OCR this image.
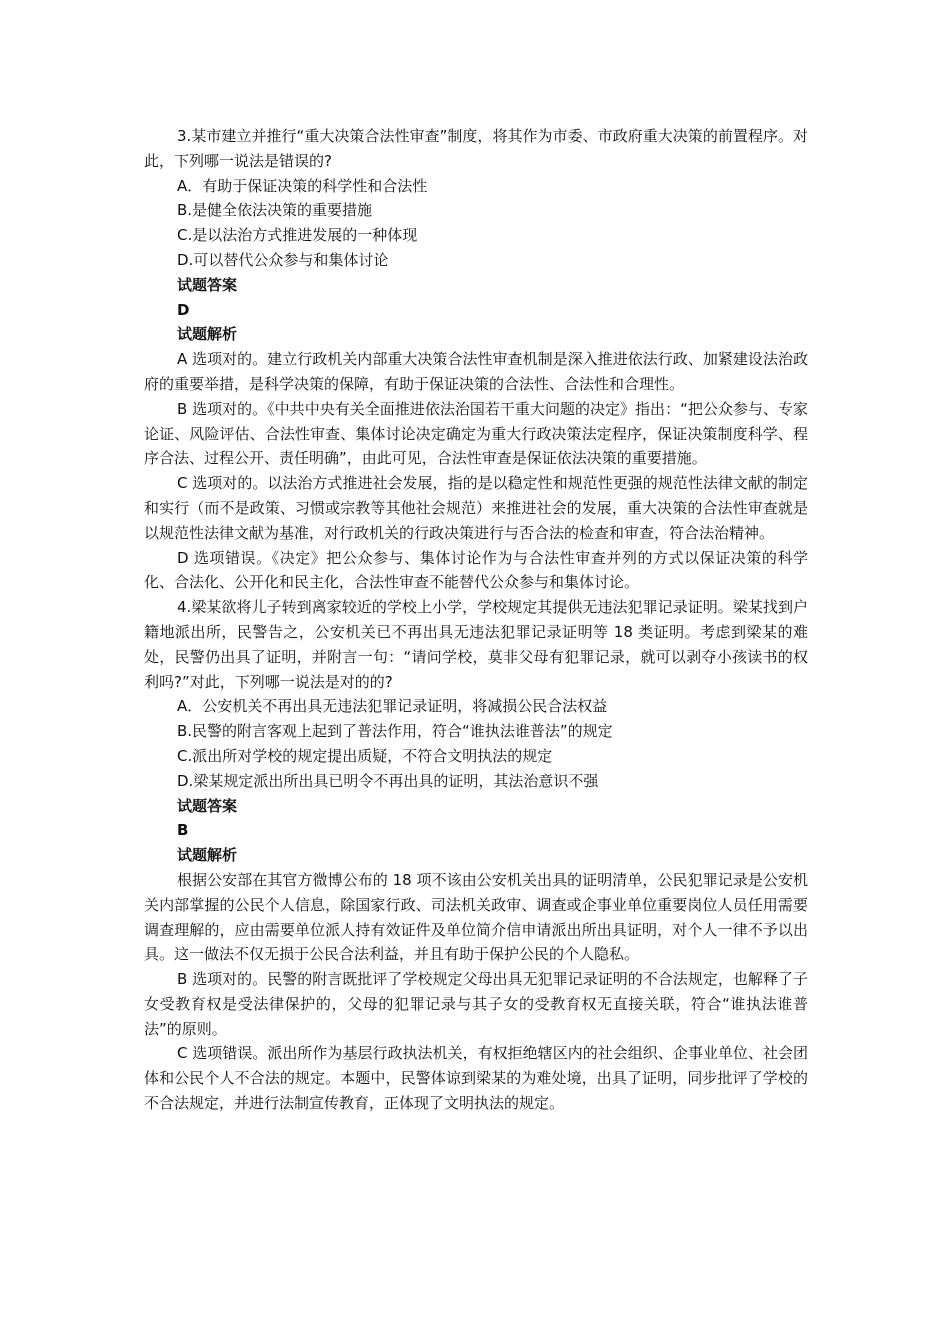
3.某市建立并推行“重大决策合法性审查”制度，将其作为市委、市政府重大决策的前置程序。对此，下列哪一说法是错误的?

A．有助于保证决策的科学性和合法性

B.是健全依法决策的重要措施

C.是以法治方式推进发展的一种体现

D.可以替代公众参与和集体讨论

试题答案

D

试题解析

A 选项对的。建立行政机关内部重大决策合法性审查机制是深入推进依法行政、加紧建设法治政府的重要举措，是科学决策的保障，有助于保证决策的合法性、合法性和合理性。

B 选项对的。《中共中央有关全面推进依法治国若干重大问题的决定》指出：“把公众参与、专家论证、风险评估、合法性审查、集体讨论决定确定为重大行政决策法定程序，保证决策制度科学、程序合法、过程公开、责任明确”，由此可见，合法性审查是保证依法决策的重要措施。

C 选项对的。以法治方式推进社会发展，指的是以稳定性和规范性更强的规范性法律文献的制定和实行（而不是政策、习惯或宗教等其他社会规范）来推进社会的发展，重大决策的合法性审查就是以规范性法律文献为基准，对行政机关的行政决策进行与否合法的检查和审查，符合法治精神。

D 选项错误。《决定》把公众参与、集体讨论作为与合法性审查并列的方式以保证决策的科学化、合法化、公开化和民主化，合法性审查不能替代公众参与和集体讨论。

4.梁某欲将儿子转到离家较近的学校上小学，学校规定其提供无违法犯罪记录证明。梁某找到户籍地派出所，民警告之，公安机关已不再出具无违法犯罪记录证明等 18 类证明。考虑到梁某的难处，民警仍出具了证明，并附言一句：“请问学校，莫非父母有犯罪记录，就可以剥夺小孩读书的权利吗?”对此，下列哪一说法是对的的?

A．公安机关不再出具无违法犯罪记录证明，将减损公民合法权益

B.民警的附言客观上起到了普法作用，符合“谁执法谁普法”的规定

C.派出所对学校的规定提出质疑，不符合文明执法的规定

D.梁某规定派出所出具已明令不再出具的证明，其法治意识不强

试题答案

B

试题解析

根据公安部在其官方微博公布的 18 项不该由公安机关出具的证明清单，公民犯罪记录是公安机关内部掌握的公民个人信息，除国家行政、司法机关政审、调查或企事业单位重要岗位人员任用需要调查理解的，应由需要单位派人持有效证件及单位简介信申请派出所出具证明，对个人一律不予以出具。这一做法不仅无损于公民合法利益，并且有助于保护公民的个人隐私。

B 选项对的。民警的附言既批评了学校规定父母出具无犯罪记录证明的不合法规定，也解释了子女受教育权是受法律保护的，父母的犯罪记录与其子女的受教育权无直接关联，符合“谁执法谁普法”的原则。

C 选项错误。派出所作为基层行政执法机关，有权拒绝辖区内的社会组织、企事业单位、社会团体和公民个人不合法的规定。本题中，民警体谅到梁某的为难处境，出具了证明，同步批评了学校的不合法规定，并进行法制宣传教育，正体现了文明执法的规定。
